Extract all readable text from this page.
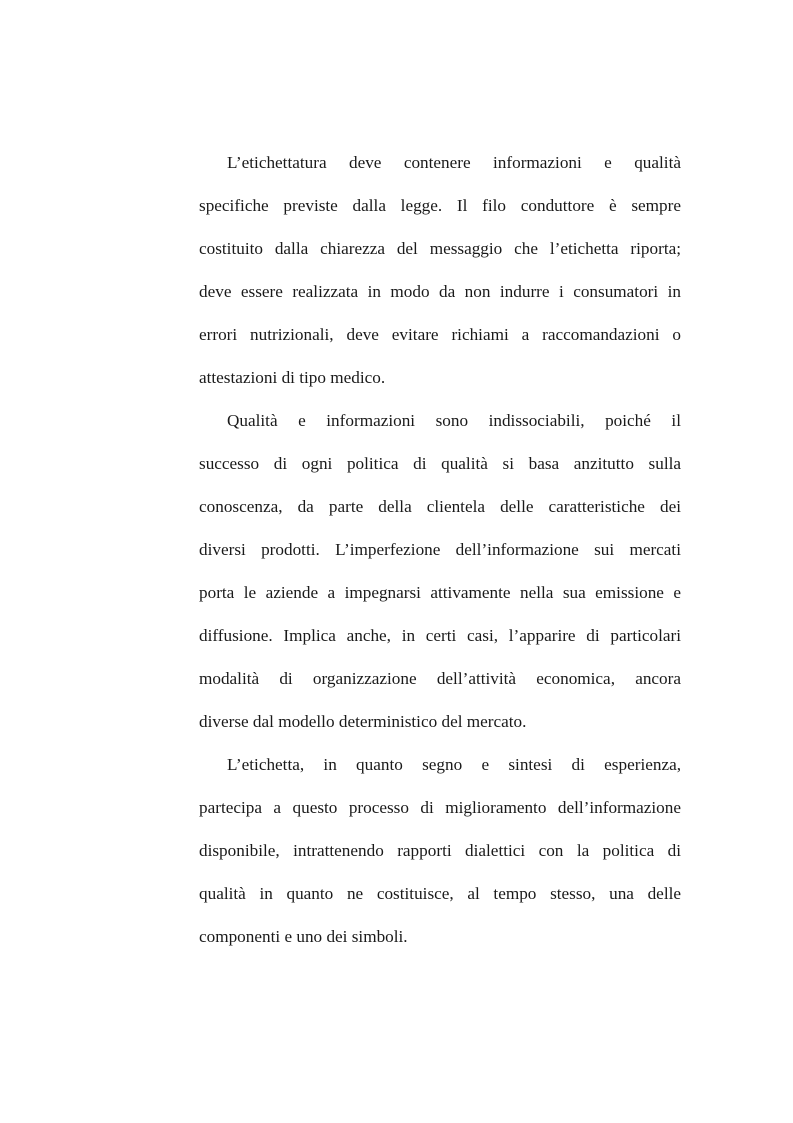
L’etichettatura deve contenere informazioni e qualità
specifiche previste dalla legge. Il filo conduttore è sempre
costituito dalla chiarezza del messaggio che l’etichetta riporta;
deve essere realizzata in modo da non indurre i consumatori in
errori nutrizionali, deve evitare richiami a raccomandazioni o
attestazioni di tipo medico.

Qualità e informazioni sono indissociabili, poiché il
successo di ogni politica di qualità si basa anzitutto sulla
conoscenza, da parte della clientela delle caratteristiche dei
diversi prodotti. L’imperfezione dell’informazione sui mercati
porta le aziende a impegnarsi attivamente nella sua emissione e
diffusione. Implica anche, in certi casi, l’apparire di particolari
modalità di organizzazione dell’attività economica, ancora
diverse dal modello deterministico del mercato.

L’etichetta, in quanto segno e sintesi di esperienza,
partecipa a questo processo di miglioramento dell’informazione
disponibile, intrattenendo rapporti dialettici con la politica di
qualità in quanto ne costituisce, al tempo stesso, una delle
componenti e uno dei simboli.
